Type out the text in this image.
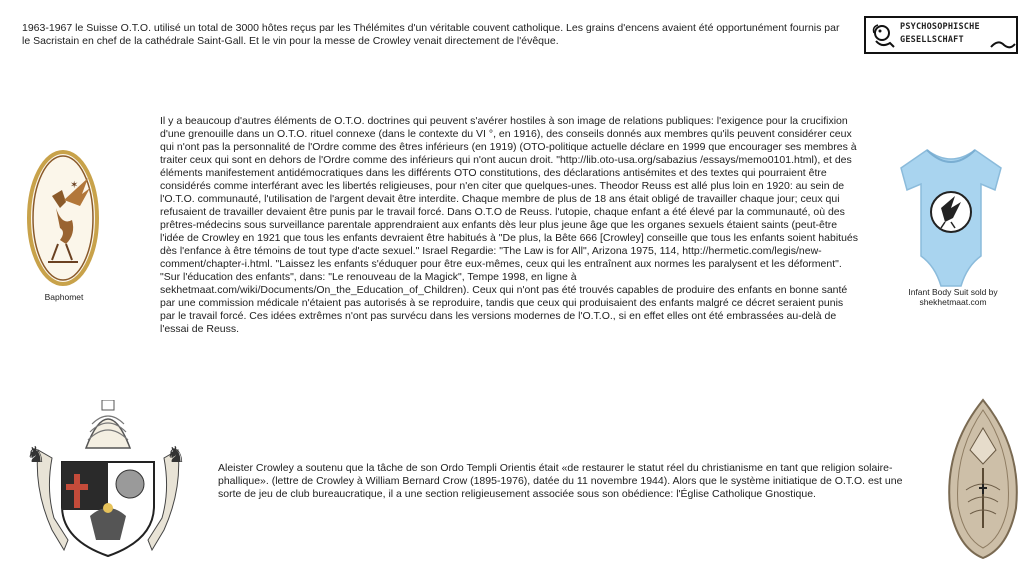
1963-1967 le Suisse O.T.O. utilisé un total de 3000 hôtes reçus par les Thélémites d'un véritable couvent catholique. Les grains d'encens avaient été opportunément fournis par le Sacristain en chef de la cathédrale Saint-Gall. Et le vin pour la messe de Crowley venait directement de l'évêque.

PSYCHOSOPHISCHE
GESELLSCHAFT
✶
Baphomet

Il y a beaucoup d'autres éléments de O.T.O. doctrines qui peuvent s'avérer hostiles à son image de relations publiques: l'exigence pour la crucifixion d'une grenouille dans un O.T.O. rituel connexe (dans le contexte du VI °, en 1916), des conseils donnés aux membres qu'ils peuvent considérer ceux qui n'ont pas la personnalité de l'Ordre comme des êtres inférieurs (en 1919) (OTO-politique actuelle déclare en 1999 que encourager ses membres à traiter ceux qui sont en dehors de l'Ordre comme des inférieurs qui n'ont aucun droit. "http://lib.oto-usa.org/sabazius /essays/memo0101.html), et des éléments manifestement antidémocratiques dans les différents OTO constitutions, des déclarations antisémites et des textes qui pourraient être considérés comme interférant avec les libertés religieuses, pour n'en citer que quelques-unes. Theodor Reuss est allé plus loin en 1920: au sein de l'O.T.O. communauté, l'utilisation de l'argent devait être interdite. Chaque membre de plus de 18 ans était obligé de travailler chaque jour; ceux qui refusaient de travailler devaient être punis par le travail forcé. Dans O.T.O de Reuss. l'utopie, chaque enfant a été élevé par la communauté, où des prêtres-médecins sous surveillance parentale apprendraient aux enfants dès leur plus jeune âge que les organes sexuels étaient saints (peut-être l'idée de Crowley en 1921 que tous les enfants devraient être habitués à "De plus, la Bête 666 [Crowley] conseille que tous les enfants soient habitués dès l'enfance à être témoins de tout type d'acte sexuel." Israel Regardie: "The Law is for All", Arizona 1975, 114, http://hermetic.com/legis/new-comment/chapter-i.html. "Laissez les enfants s'éduquer pour être eux-mêmes, ceux qui les entraînent aux normes les paralysent et les déforment". "Sur l'éducation des enfants", dans: "Le renouveau de la Magick", Tempe 1998, en ligne à sekhetmaat.com/wiki/Documents/On_the_Education_of_Children). Ceux qui n'ont pas été trouvés capables de produire des enfants en bonne santé par une commission médicale n'étaient pas autorisés à se reproduire, tandis que ceux qui produisaient des enfants malgré ce décret seraient punis par le travail forcé. Ces idées extrêmes n'ont pas survécu dans les versions modernes de l'O.T.O., si en effet elles ont été embrassées au-delà de l'essai de Reuss.

Infant Body Suit sold by
shekhetmaat.com
♞	♞	Aleister Crowley a soutenu que la tâche de son Ordo Templi Orientis était «de restaurer le statut réel du christianisme en tant que religion solaire-phallique». (lettre de Crowley à William Bernard Crow (1895-1976), datée du 11 novembre 1944). Alors que le système initiatique de O.T.O. est une sorte de jeu de club bureaucratique, il a une section religieusement associée sous son obédience: l'Église Catholique Gnostique.
